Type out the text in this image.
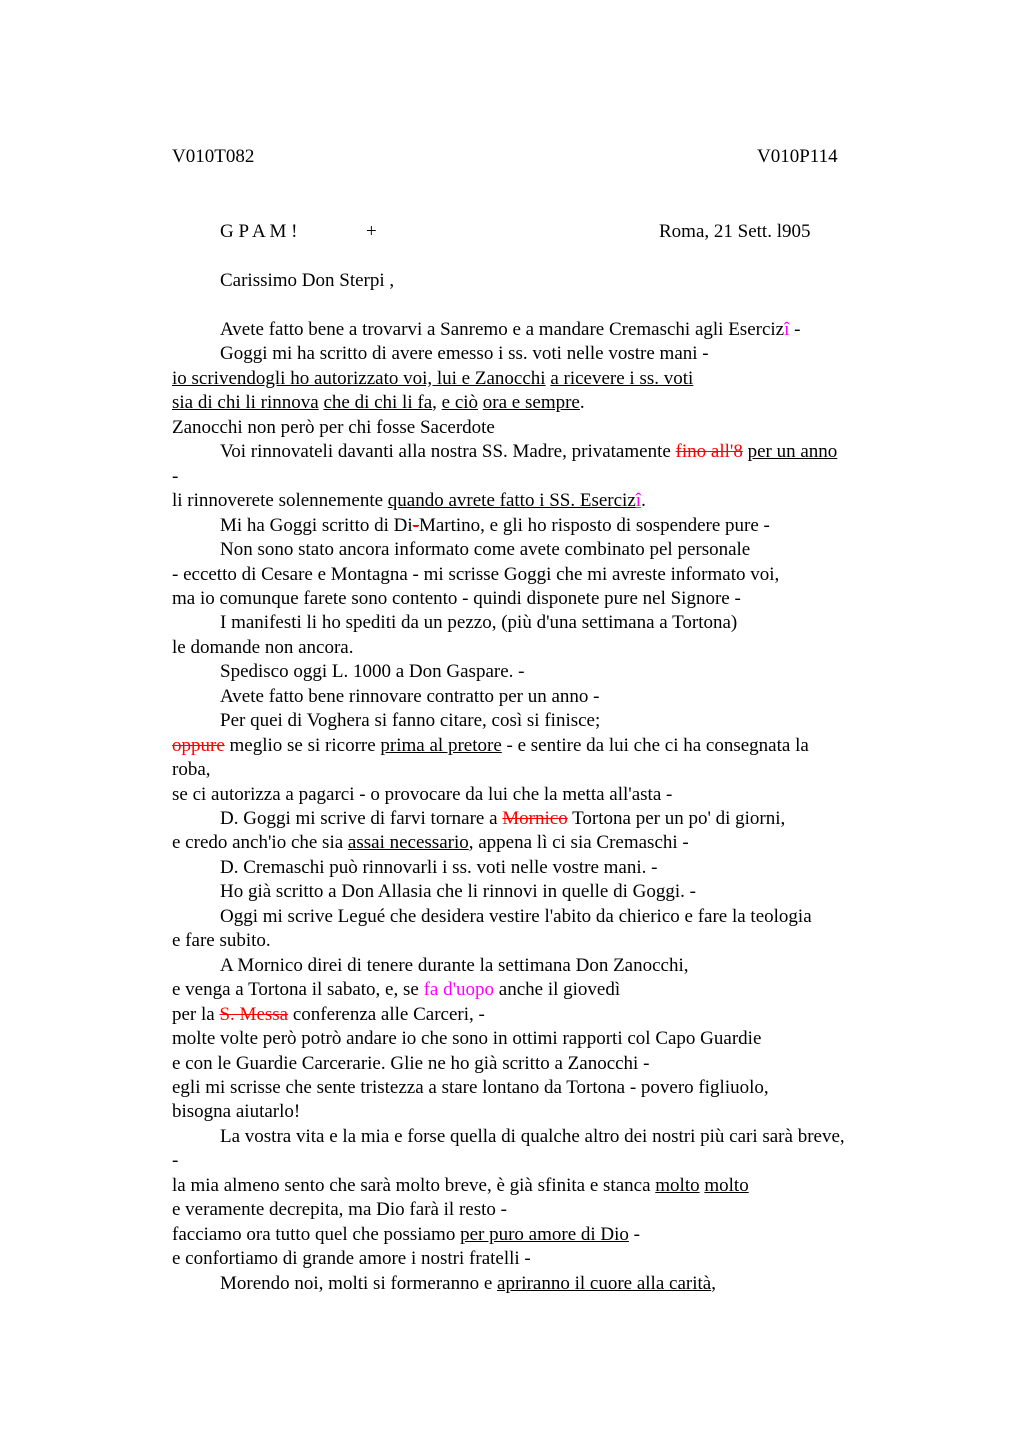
V010T082	V010P114
G P A M !	+	Roma, 21 Sett. l905
Carissimo Don Sterpi ,
Avete fatto bene a trovarvi a Sanremo e a mandare Cremaschi agli Esercizî -
Goggi mi ha scritto di avere emesso i ss. voti nelle vostre mani -
io scrivendogli ho autorizzato voi, lui e Zanocchi a ricevere i ss. voti
sia di chi li rinnova che di chi li fa, e ciò ora e sempre.
Zanocchi non però per chi fosse Sacerdote
Voi rinnovateli davanti alla nostra SS. Madre, privatamente fino all'8 per un anno
-
li rinnoverete solennemente quando avrete fatto i SS. Esercizî.
Mi ha Goggi scritto di Di-Martino, e gli ho risposto di sospendere pure -
Non sono stato ancora informato come avete combinato pel personale
- eccetto di Cesare e Montagna - mi scrisse Goggi che mi avreste informato voi,
ma io comunque farete sono contento - quindi disponete pure nel Signore -
I manifesti li ho spediti da un pezzo, (più d'una settimana a Tortona)
le domande non ancora.
Spedisco oggi L. 1000 a Don Gaspare. -
Avete fatto bene rinnovare contratto per un anno -
Per quei di Voghera si fanno citare, così si finisce;
oppure meglio se si ricorre prima al pretore - e sentire da lui che ci ha consegnata la
roba,
se ci autorizza a pagarci - o provocare da lui che la metta all'asta -
D. Goggi mi scrive di farvi tornare a Mornico Tortona per un po' di giorni,
e credo anch'io che sia assai necessario, appena lì ci sia Cremaschi -
D. Cremaschi può rinnovarli i ss. voti nelle vostre mani. -
Ho già scritto a Don Allasia che li rinnovi in quelle di Goggi. -
Oggi mi scrive Legué che desidera vestire l'abito da chierico e fare la teologia
e fare subito.
A Mornico direi di tenere durante la settimana Don Zanocchi,
e venga a Tortona il sabato, e, se fa d'uopo anche il giovedì
per la S. Messa conferenza alle Carceri, -
molte volte però potrò andare io che sono in ottimi rapporti col Capo Guardie
e con le Guardie Carcerarie. Glie ne ho già scritto a Zanocchi -
egli mi scrisse che sente tristezza a stare lontano da Tortona - povero figliuolo,
bisogna aiutarlo!
La vostra vita e la mia e forse quella di qualche altro dei nostri più cari sarà breve,
-
la mia almeno sento che sarà molto breve, è già sfinita e stanca molto molto
e veramente decrepita, ma Dio farà il resto -
facciamo ora tutto quel che possiamo per puro amore di Dio -
e confortiamo di grande amore i nostri fratelli -
Morendo noi, molti si formeranno e apriranno il cuore alla carità,
